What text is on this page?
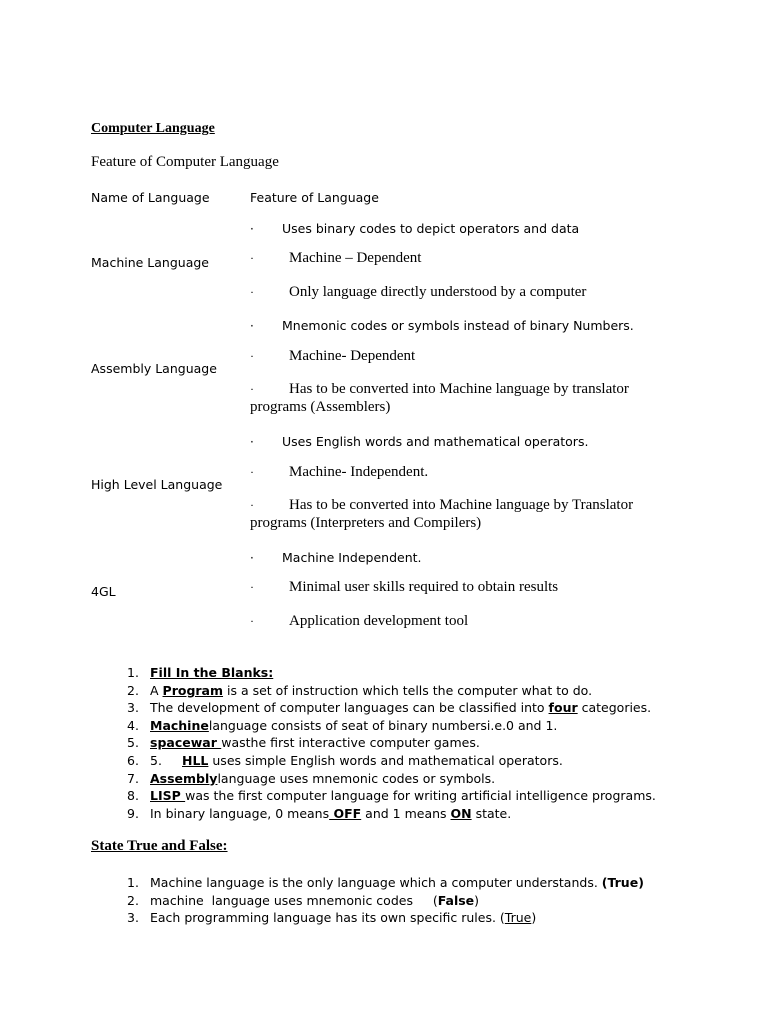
Computer Language
Feature of Computer Language
Name of Language	Feature of Language
Machine Language
· Uses binary codes to depict operators and data
· Machine – Dependent
· Only language directly understood by a computer
Assembly Language
· Mnemonic codes or symbols instead of binary Numbers.
· Machine- Dependent
· Has to be converted into Machine language by translator
programs (Assemblers)
High Level Language
· Uses English words and mathematical operators.
· Machine- Independent.
· Has to be converted into Machine language by Translator
programs (Interpreters and Compilers)
4GL
· Machine Independent.
· Minimal user skills required to obtain results
· Application development tool
1. Fill In the Blanks:
2. A Program is a set of instruction which tells the computer what to do.
3. The development of computer languages can be classified into four categories.
4. Machinelanguage consists of seat of binary numbersi.e.0 and 1.
5. spacewar wasthe first interactive computer games.
6. 5. HLL uses simple English words and mathematical operators.
7. Assemblylanguage uses mnemonic codes or symbols.
8. LISP was the first computer language for writing artificial intelligence programs.
9. In binary language, 0 means OFF and 1 means ON state.
State True and False:
1. Machine language is the only language which a computer understands. (True)
2. machine  language uses mnemonic codes     (False)
3. Each programming language has its own specific rules. (True)
